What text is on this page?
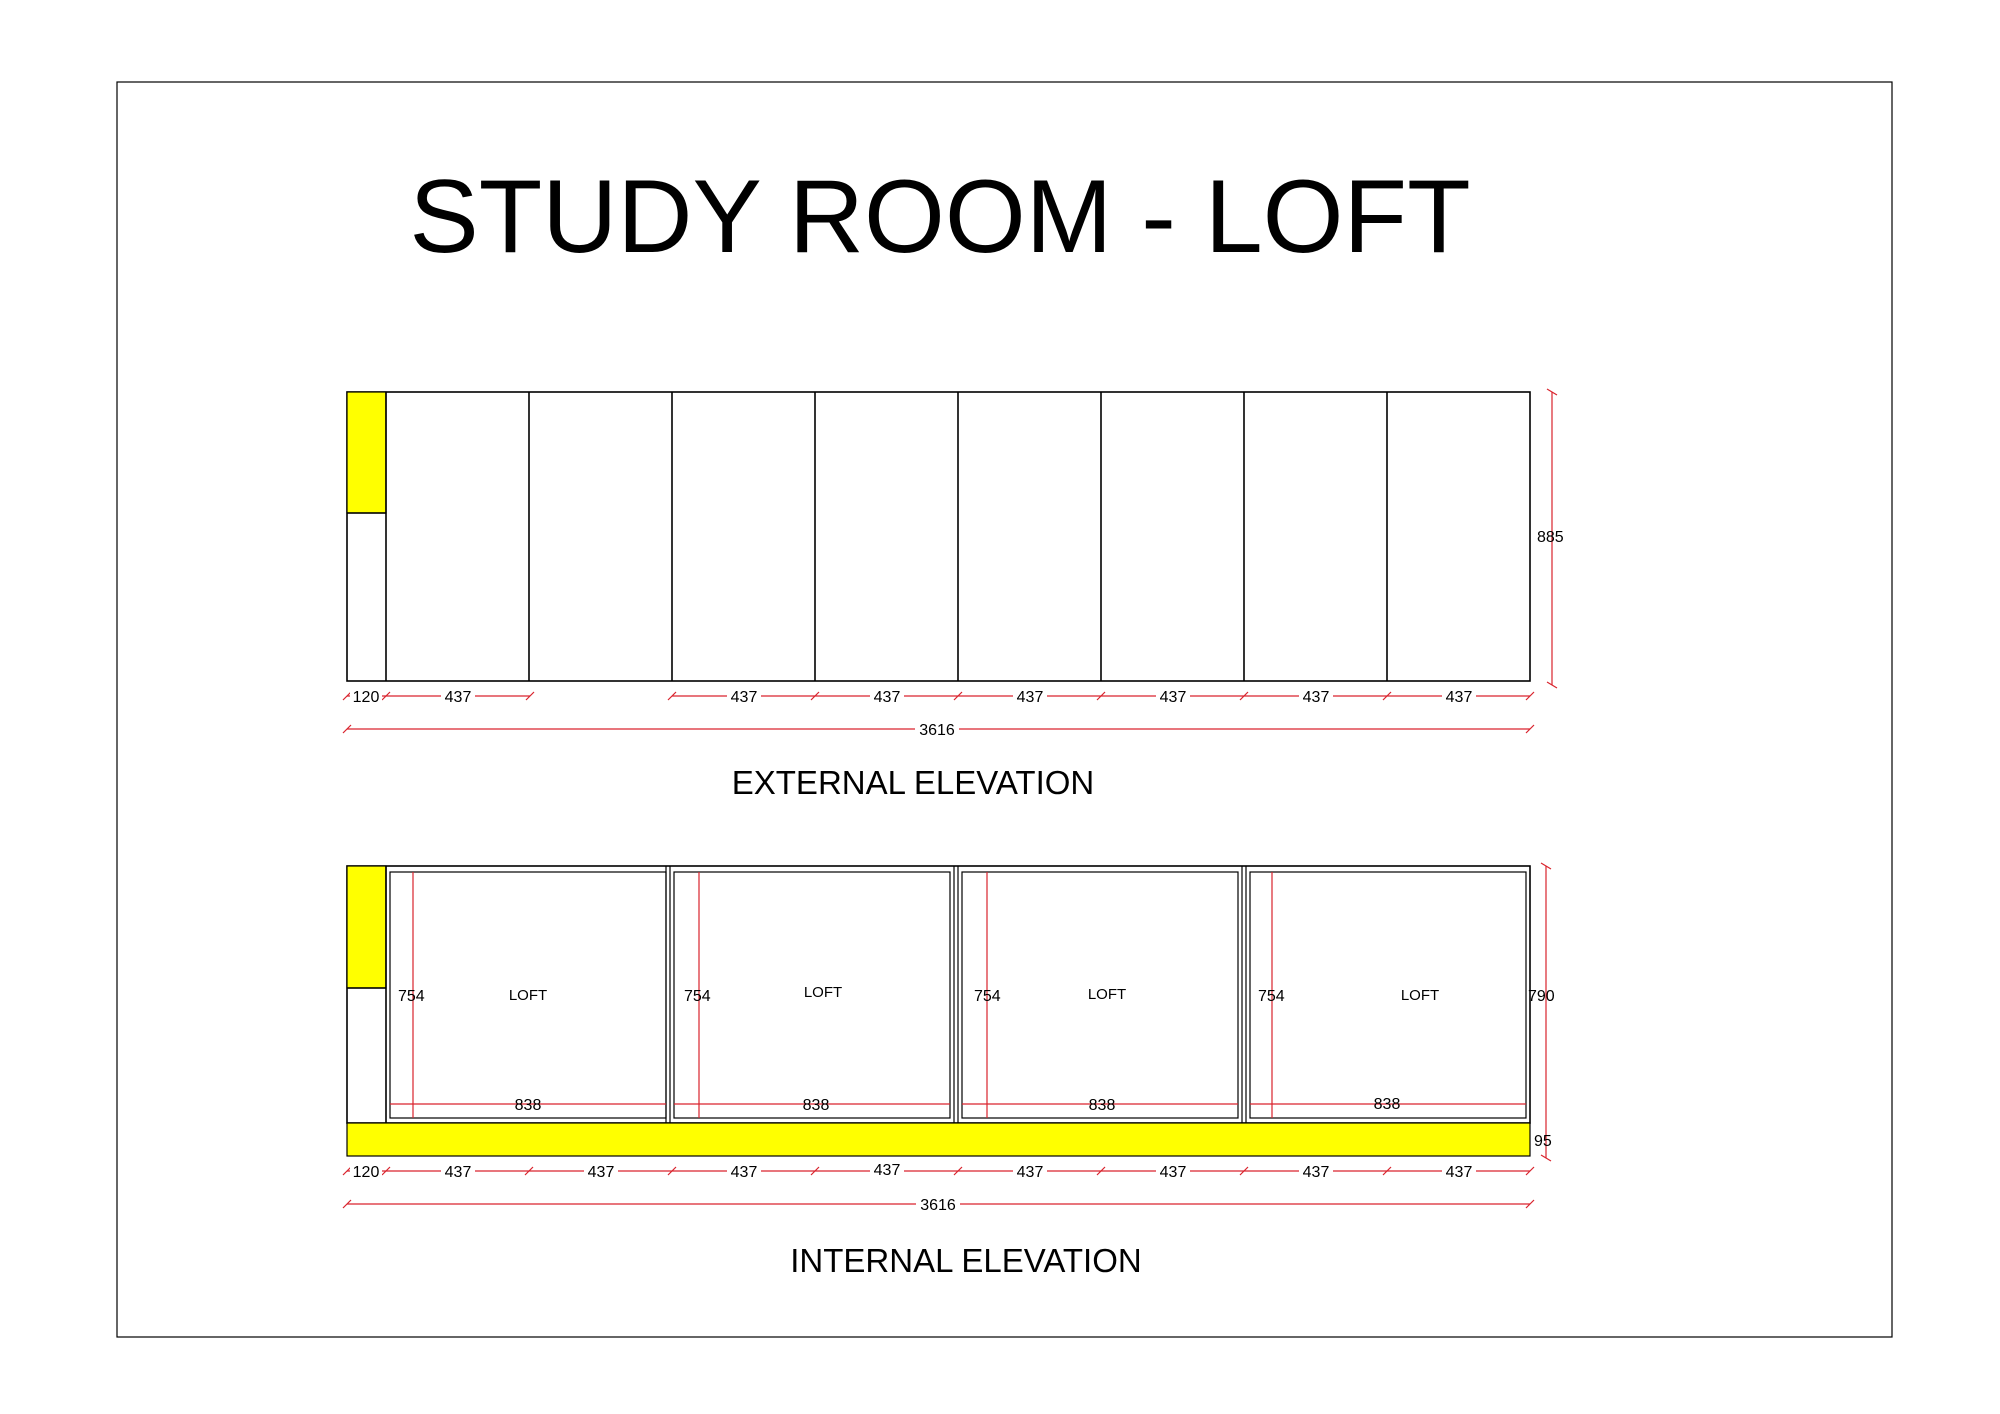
STUDY ROOM - LOFT
885
120	437	437	437	437	437	437	437
3616
EXTERNAL ELEVATION
754	LOFT
838
754	LOFT
838
754	LOFT
838
754	LOFT
838
790
95
120	437	437	437	437	437	437	437	437
3616
INTERNAL ELEVATION
